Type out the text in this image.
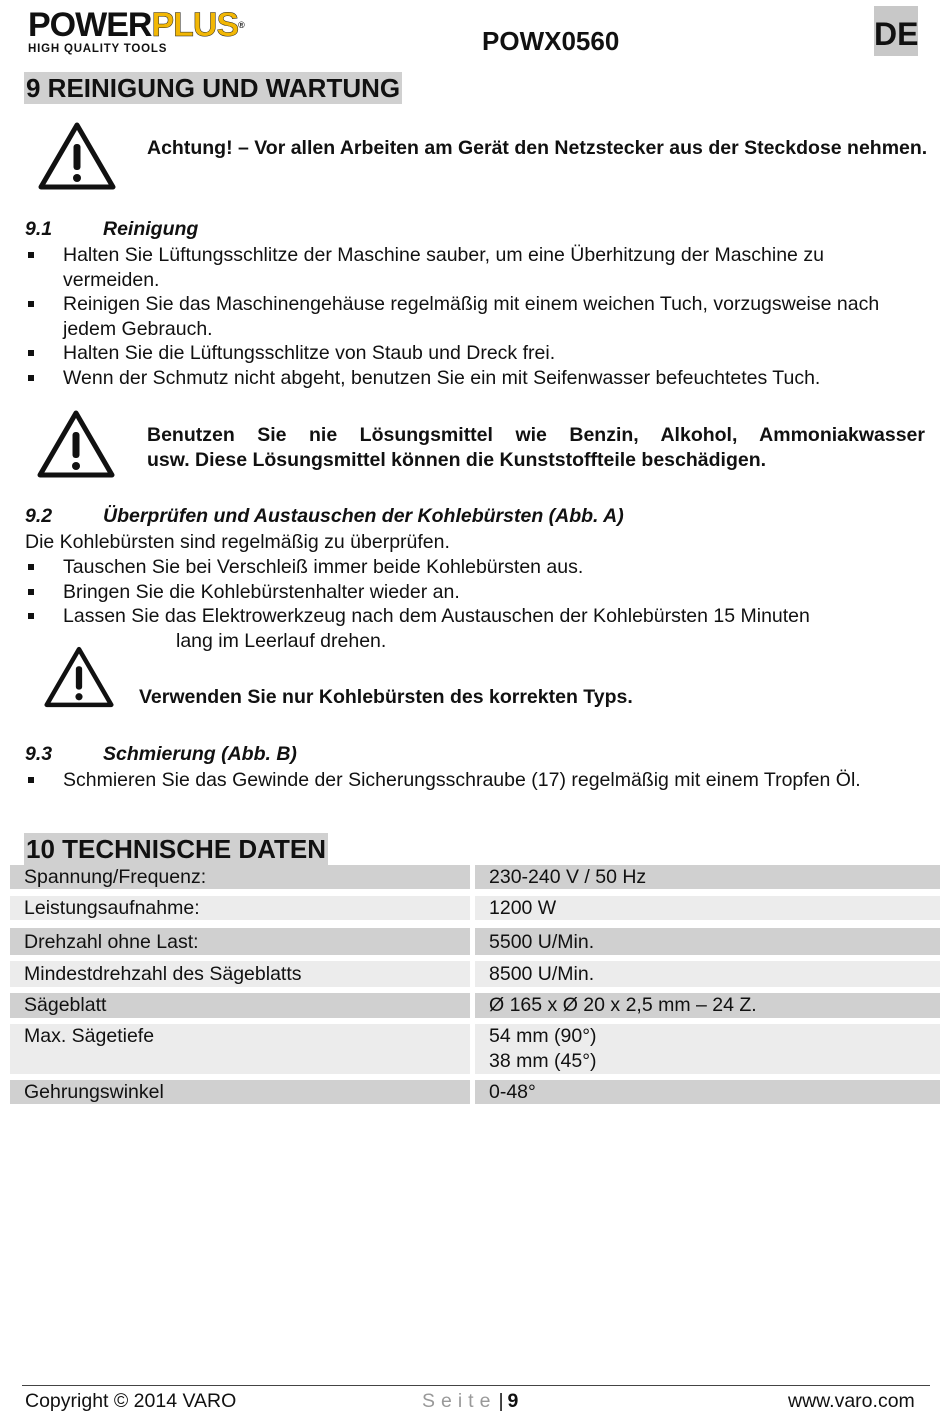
POWERPLUS®
HIGH QUALITY TOOLS	POWX0560	DE
9 REINIGUNG UND WARTUNG
Achtung! – Vor allen Arbeiten am Gerät den Netzstecker aus der Steckdose nehmen.
9.1	Reinigung
Halten Sie Lüftungsschlitze der Maschine sauber, um eine Überhitzung der Maschine zu vermeiden.
Reinigen Sie das Maschinengehäuse regelmäßig mit einem weichen Tuch, vorzugsweise nach jedem Gebrauch.
Halten Sie die Lüftungsschlitze von Staub und Dreck frei.
Wenn der Schmutz nicht abgeht, benutzen Sie ein mit Seifenwasser befeuchtetes Tuch.
Benutzen Sie nie Lösungsmittel wie Benzin, Alkohol, Ammoniakwasser
usw. Diese Lösungsmittel können die Kunststoffteile beschädigen.
9.2	Überprüfen und Austauschen der Kohlebürsten (Abb. A)
Die Kohlebürsten sind regelmäßig zu überprüfen.
Tauschen Sie bei Verschleiß immer beide Kohlebürsten aus.
Bringen Sie die Kohlebürstenhalter wieder an.
Lassen Sie das Elektrowerkzeug nach dem Austauschen der Kohlebürsten 15 Minuten
lang im Leerlauf drehen.
Verwenden Sie nur Kohlebürsten des korrekten Typs.
9.3	Schmierung (Abb. B)
Schmieren Sie das Gewinde der Sicherungsschraube (17) regelmäßig mit einem Tropfen Öl.
10 TECHNISCHE DATEN
Spannung/Frequenz:	230-240 V / 50 Hz
Leistungsaufnahme:	1200 W
Drehzahl ohne Last:	5500 U/Min.
Mindestdrehzahl des Sägeblatts	8500 U/Min.
Sägeblatt	Ø 165 x Ø 20 x 2,5 mm – 24 Z.
Max. Sägetiefe	54 mm (90°)
38 mm (45°)
Gehrungswinkel	0-48°
Copyright © 2014 VARO	Seite | 9	www.varo.com
